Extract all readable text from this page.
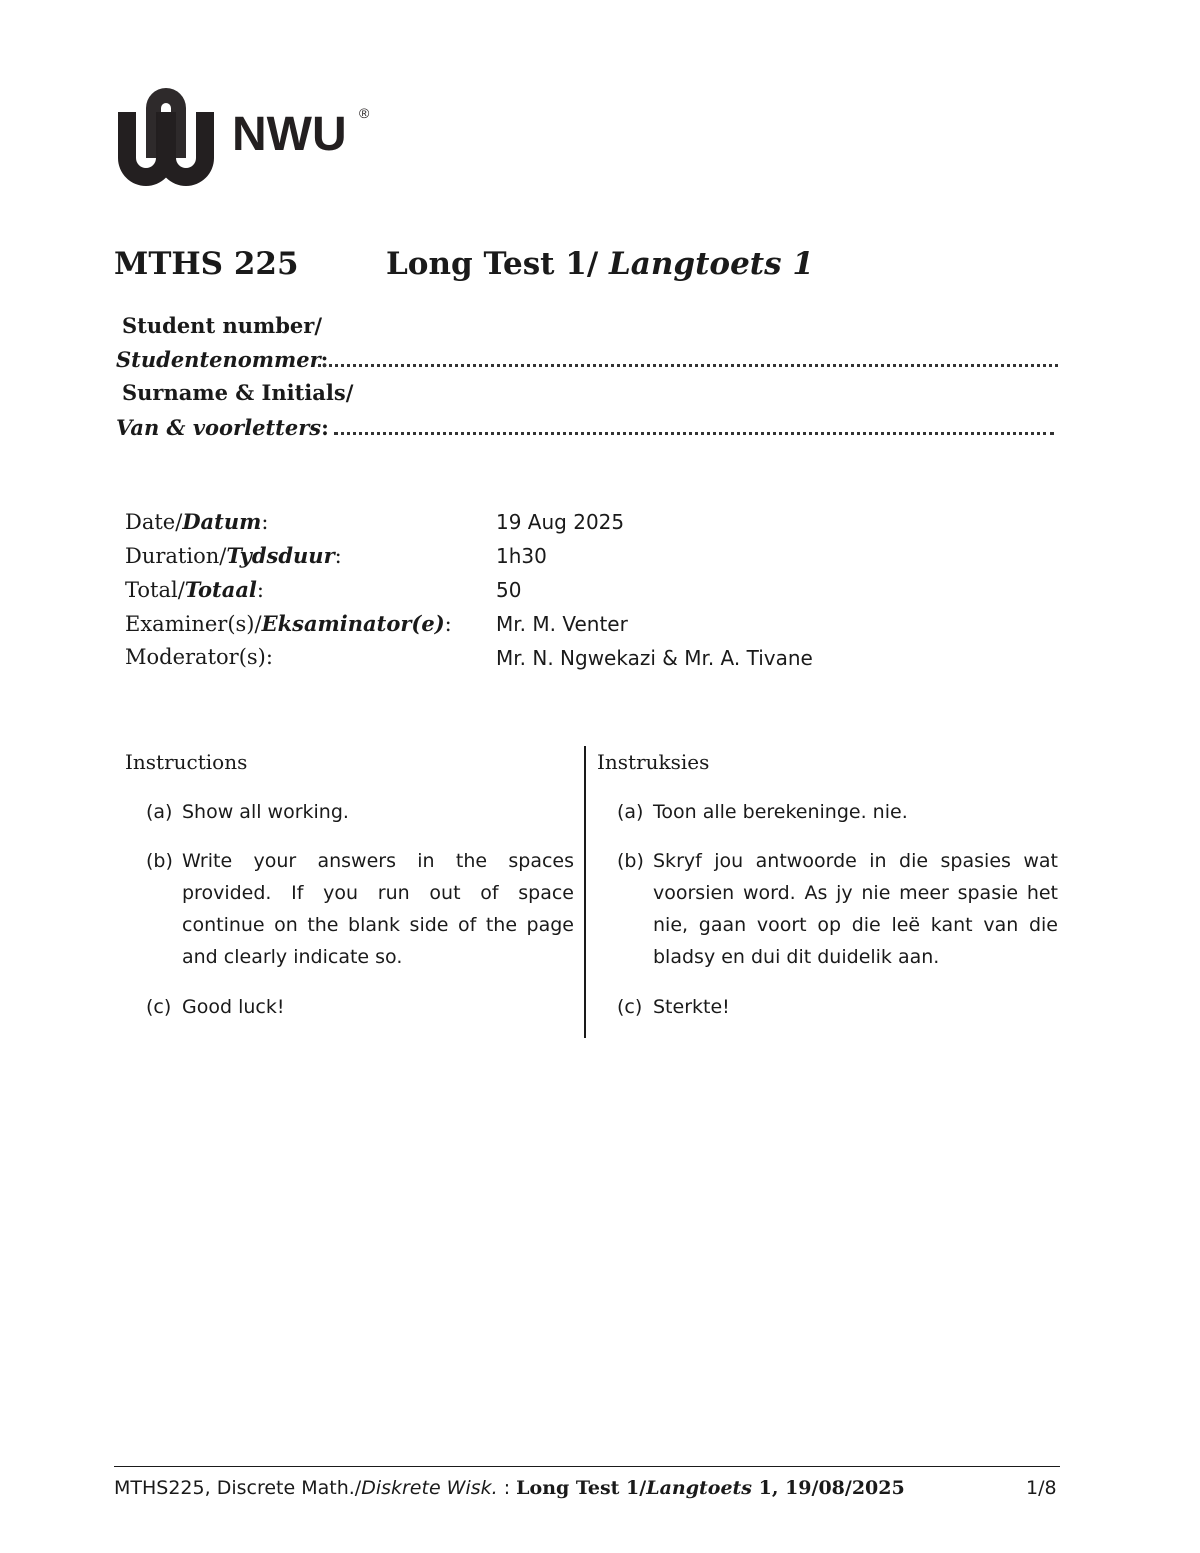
NWU ®
MTHS 225	Long Test 1/ Langtoets 1
Student number/
Studentenommer:
Surname & Initials/
Van & voorletters:
Date/Datum:	19 Aug 2025
Duration/Tydsduur:	1h30
Total/Totaal:	50
Examiner(s)/Eksaminator(e): Mr. M. Venter
Moderator(s):	Mr. N. Ngwekazi & Mr. A. Tivane
Instructions
(a) Show all working.
(b) Write your answers in the spaces provided. If you run out of space continue on the blank side of the page and clearly indicate so.
(c) Good luck!
Instruksies
(a) Toon alle berekeninge. nie.
(b) Skryf jou antwoorde in die spasies wat voorsien word. As jy nie meer spasie het nie, gaan voort op die leë kant van die bladsy en dui dit duidelik aan.
(c) Sterkte!
MTHS225, Discrete Math./Diskrete Wisk. : Long Test 1/Langtoets 1, 19/08/2025	1/8
